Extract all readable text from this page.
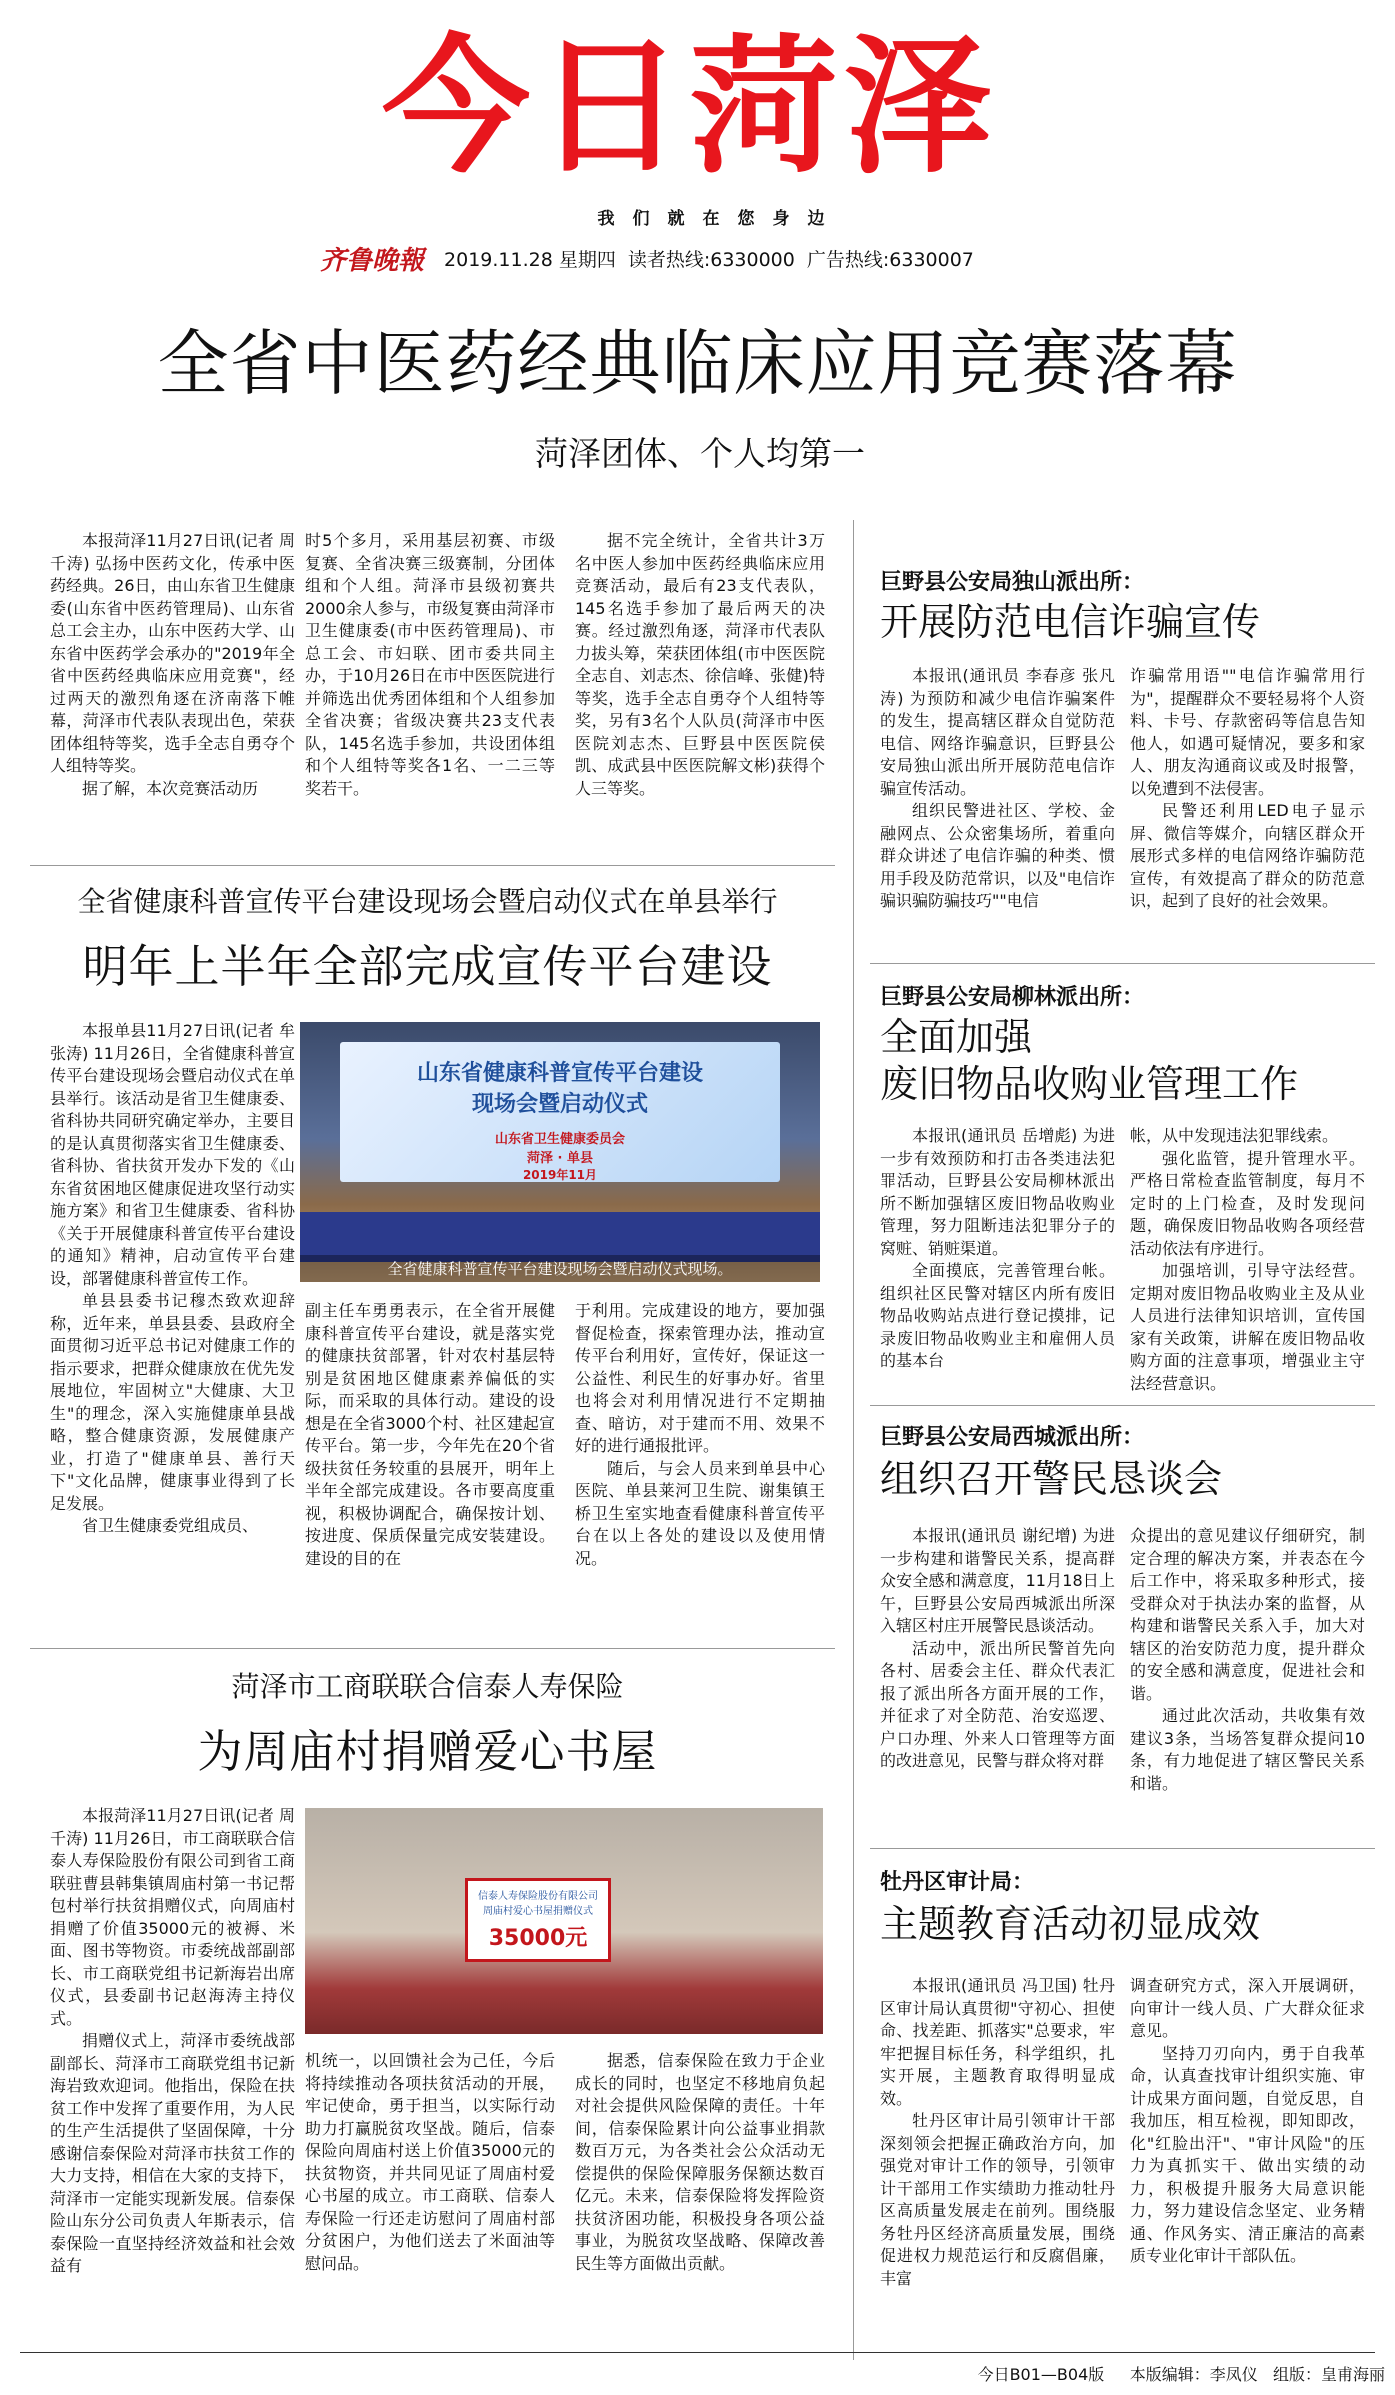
今日菏泽
我们就在您身边
齐鲁晚報 2019.11.28 星期四 读者热线:6330000 广告热线:6330007
全省中医药经典临床应用竞赛落幕
菏泽团体、个人均第一

本报菏泽11月27日讯(记者 周千涛) 弘扬中医药文化，传承中医药经典。26日，由山东省卫生健康委(山东省中医药管理局)、山东省总工会主办，山东中医药大学、山东省中医药学会承办的"2019年全省中医药经典临床应用竞赛"，经过两天的激烈角逐在济南落下帷幕，菏泽市代表队表现出色，荣获团体组特等奖，选手全志自勇夺个人组特等奖。

据了解，本次竞赛活动历

时5个多月，采用基层初赛、市级复赛、全省决赛三级赛制，分团体组和个人组。菏泽市县级初赛共2000余人参与，市级复赛由菏泽市卫生健康委(市中医药管理局)、市总工会、市妇联、团市委共同主办，于10月26日在市中医医院进行并筛选出优秀团体组和个人组参加全省决赛；省级决赛共23支代表队，145名选手参加，共设团体组和个人组特等奖各1名、一二三等奖若干。

据不完全统计，全省共计3万名中医人参加中医药经典临床应用竞赛活动，最后有23支代表队，145名选手参加了最后两天的决赛。经过激烈角逐，菏泽市代表队力拔头筹，荣获团体组(市中医医院全志自、刘志杰、徐信峰、张健)特等奖，选手全志自勇夺个人组特等奖，另有3名个人队员(菏泽市中医医院刘志杰、巨野县中医医院侯凯、成武县中医医院解文彬)获得个人三等奖。

全省健康科普宣传平台建设现场会暨启动仪式在单县举行
明年上半年全部完成宣传平台建设

本报单县11月27日讯(记者 牟张涛) 11月26日，全省健康科普宣传平台建设现场会暨启动仪式在单县举行。该活动是省卫生健康委、省科协共同研究确定举办，主要目的是认真贯彻落实省卫生健康委、省科协、省扶贫开发办下发的《山东省贫困地区健康促进攻坚行动实施方案》和省卫生健康委、省科协《关于开展健康科普宣传平台建设的通知》精神，启动宣传平台建设，部署健康科普宣传工作。

单县县委书记穆杰致欢迎辞称，近年来，单县县委、县政府全面贯彻习近平总书记对健康工作的指示要求，把群众健康放在优先发展地位，牢固树立"大健康、大卫生"的理念，深入实施健康单县战略，整合健康资源，发展健康产业，打造了"健康单县、善行天下"文化品牌，健康事业得到了长足发展。

省卫生健康委党组成员、

山东省健康科普宣传平台建设
现场会暨启动仪式
山东省卫生健康委员会
菏泽 · 单县
2019年11月
全省健康科普宣传平台建设现场会暨启动仪式现场。

副主任车勇勇表示，在全省开展健康科普宣传平台建设，就是落实党的健康扶贫部署，针对农村基层特别是贫困地区健康素养偏低的实际，而采取的具体行动。建设的设想是在全省3000个村、社区建起宣传平台。第一步，今年先在20个省级扶贫任务较重的县展开，明年上半年全部完成建设。各市要高度重视，积极协调配合，确保按计划、按进度、保质保量完成安装建设。建设的目的在

于利用。完成建设的地方，要加强督促检查，探索管理办法，推动宣传平台利用好，宣传好，保证这一公益性、利民生的好事办好。省里也将会对利用情况进行不定期抽查、暗访，对于建而不用、效果不好的进行通报批评。

随后，与会人员来到单县中心医院、单县莱河卫生院、谢集镇王桥卫生室实地查看健康科普宣传平台在以上各处的建设以及使用情况。

菏泽市工商联联合信泰人寿保险
为周庙村捐赠爱心书屋

本报菏泽11月27日讯(记者 周千涛) 11月26日，市工商联联合信泰人寿保险股份有限公司到省工商联驻曹县韩集镇周庙村第一书记帮包村举行扶贫捐赠仪式，向周庙村捐赠了价值35000元的被褥、米面、图书等物资。市委统战部副部长、市工商联党组书记新海岩出席仪式，县委副书记赵海涛主持仪式。

捐赠仪式上，菏泽市委统战部副部长、菏泽市工商联党组书记新海岩致欢迎词。他指出，保险在扶贫工作中发挥了重要作用，为人民的生产生活提供了坚固保障，十分感谢信泰保险对菏泽市扶贫工作的大力支持，相信在大家的支持下，菏泽市一定能实现新发展。信泰保险山东分公司负责人年斯表示，信泰保险一直坚持经济效益和社会效益有

信泰人寿保险股份有限公司
周庙村爱心书屋捐赠仪式
35000元

机统一，以回馈社会为己任，今后将持续推动各项扶贫活动的开展，牢记使命，勇于担当，以实际行动助力打赢脱贫攻坚战。随后，信泰保险向周庙村送上价值35000元的扶贫物资，并共同见证了周庙村爱心书屋的成立。市工商联、信泰人寿保险一行还走访慰问了周庙村部分贫困户，为他们送去了米面油等慰问品。

据悉，信泰保险在致力于企业成长的同时，也坚定不移地肩负起对社会提供风险保障的责任。十年间，信泰保险累计向公益事业捐款数百万元，为各类社会公众活动无偿提供的保险保障服务保额达数百亿元。未来，信泰保险将发挥险资扶贫济困功能，积极投身各项公益事业，为脱贫攻坚战略、保障改善民生等方面做出贡献。

巨野县公安局独山派出所：
开展防范电信诈骗宣传

本报讯(通讯员 李春彦 张凡涛) 为预防和减少电信诈骗案件的发生，提高辖区群众自觉防范电信、网络诈骗意识，巨野县公安局独山派出所开展防范电信诈骗宣传活动。

组织民警进社区、学校、金融网点、公众密集场所，着重向群众讲述了电信诈骗的种类、惯用手段及防范常识，以及"电信诈骗识骗防骗技巧""电信

诈骗常用语""电信诈骗常用行为"，提醒群众不要轻易将个人资料、卡号、存款密码等信息告知他人，如遇可疑情况，要多和家人、朋友沟通商议或及时报警，以免遭到不法侵害。

民警还利用LED电子显示屏、微信等媒介，向辖区群众开展形式多样的电信网络诈骗防范宣传，有效提高了群众的防范意识，起到了良好的社会效果。

巨野县公安局柳林派出所：
全面加强
废旧物品收购业管理工作

本报讯(通讯员 岳增彪) 为进一步有效预防和打击各类违法犯罪活动，巨野县公安局柳林派出所不断加强辖区废旧物品收购业管理，努力阻断违法犯罪分子的窝赃、销赃渠道。

全面摸底，完善管理台帐。组织社区民警对辖区内所有废旧物品收购站点进行登记摸排，记录废旧物品收购业主和雇佣人员的基本台

帐，从中发现违法犯罪线索。

强化监管，提升管理水平。严格日常检查监管制度，每月不定时的上门检查，及时发现问题，确保废旧物品收购各项经营活动依法有序进行。

加强培训，引导守法经营。定期对废旧物品收购业主及从业人员进行法律知识培训，宣传国家有关政策，讲解在废旧物品收购方面的注意事项，增强业主守法经营意识。

巨野县公安局西城派出所：
组织召开警民恳谈会

本报讯(通讯员 谢纪增) 为进一步构建和谐警民关系，提高群众安全感和满意度，11月18日上午，巨野县公安局西城派出所深入辖区村庄开展警民恳谈活动。

活动中，派出所民警首先向各村、居委会主任、群众代表汇报了派出所各方面开展的工作，并征求了对全防范、治安巡逻、户口办理、外来人口管理等方面的改进意见，民警与群众将对群

众提出的意见建议仔细研究，制定合理的解决方案，并表态在今后工作中，将采取多种形式，接受群众对于执法办案的监督，从构建和谐警民关系入手，加大对辖区的治安防范力度，提升群众的安全感和满意度，促进社会和谐。

通过此次活动，共收集有效建议3条，当场答复群众提问10条，有力地促进了辖区警民关系和谐。

牡丹区审计局：
主题教育活动初显成效

本报讯(通讯员 冯卫国) 牡丹区审计局认真贯彻"守初心、担使命、找差距、抓落实"总要求，牢牢把握目标任务，科学组织，扎实开展，主题教育取得明显成效。

牡丹区审计局引领审计干部深刻领会把握正确政治方向，加强党对审计工作的领导，引领审计干部用工作实绩助力推动牡丹区高质量发展走在前列。围绕服务牡丹区经济高质量发展，围绕促进权力规范运行和反腐倡廉，丰富

调查研究方式，深入开展调研，向审计一线人员、广大群众征求意见。

坚持刀刃向内，勇于自我革命，认真查找审计组织实施、审计成果方面问题，自觉反思，自我加压，相互检视，即知即改，化"红脸出汗"、"审计风险"的压力为真抓实干、做出实绩的动力，积极提升服务大局意识能力，努力建设信念坚定、业务精通、作风务实、清正廉洁的高素质专业化审计干部队伍。

今日B01—B04版 本版编辑：李凤仪 组版：皇甫海丽
